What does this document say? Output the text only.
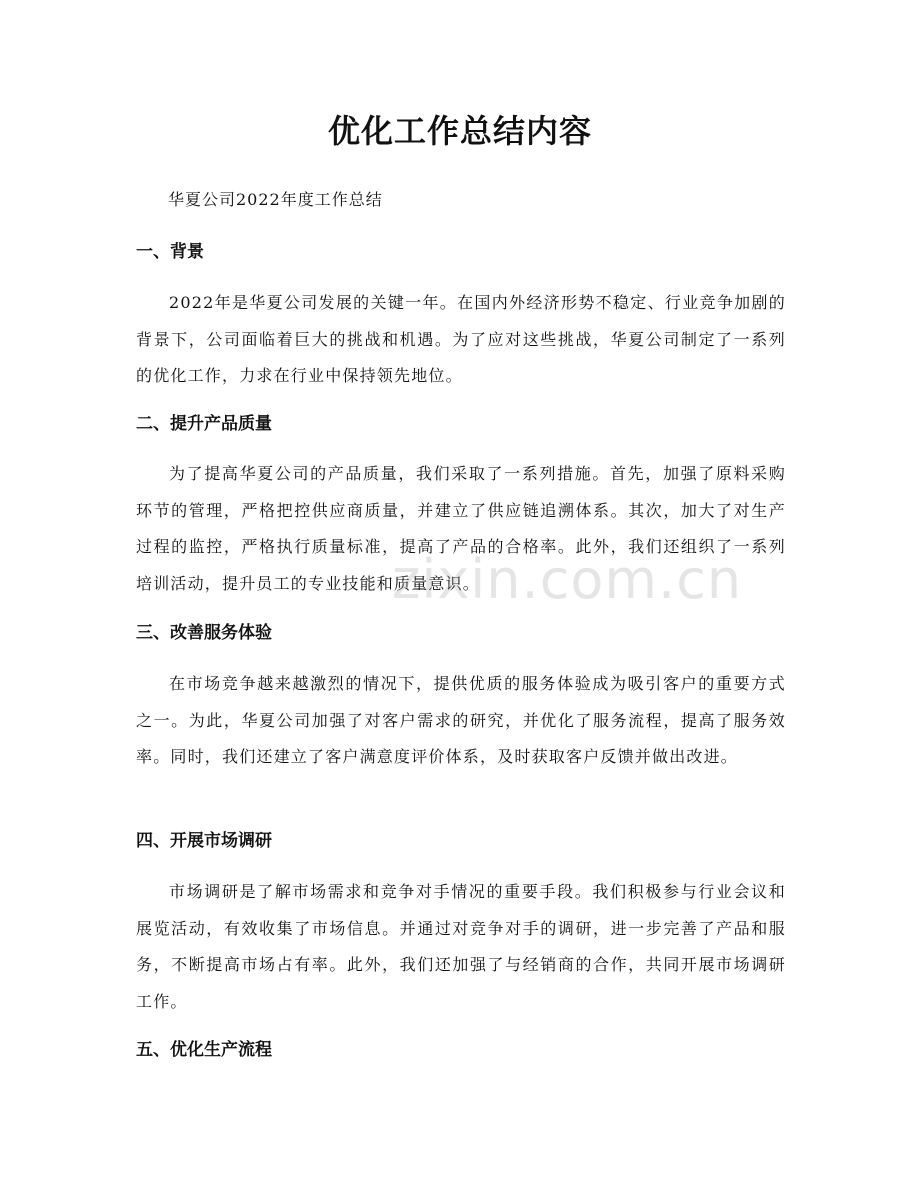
优化工作总结内容
华夏公司2022年度工作总结
一、背景
2022年是华夏公司发展的关键一年。在国内外经济形势不稳定、行业竞争加剧的背景下，公司面临着巨大的挑战和机遇。为了应对这些挑战，华夏公司制定了一系列的优化工作，力求在行业中保持领先地位。
二、提升产品质量
为了提高华夏公司的产品质量，我们采取了一系列措施。首先，加强了原料采购环节的管理，严格把控供应商质量，并建立了供应链追溯体系。其次，加大了对生产过程的监控，严格执行质量标准，提高了产品的合格率。此外，我们还组织了一系列培训活动，提升员工的专业技能和质量意识。
三、改善服务体验
在市场竞争越来越激烈的情况下，提供优质的服务体验成为吸引客户的重要方式之一。为此，华夏公司加强了对客户需求的研究，并优化了服务流程，提高了服务效率。同时，我们还建立了客户满意度评价体系，及时获取客户反馈并做出改进。
四、开展市场调研
市场调研是了解市场需求和竞争对手情况的重要手段。我们积极参与行业会议和展览活动，有效收集了市场信息。并通过对竞争对手的调研，进一步完善了产品和服务，不断提高市场占有率。此外，我们还加强了与经销商的合作，共同开展市场调研工作。
五、优化生产流程
zixin.com.cn
